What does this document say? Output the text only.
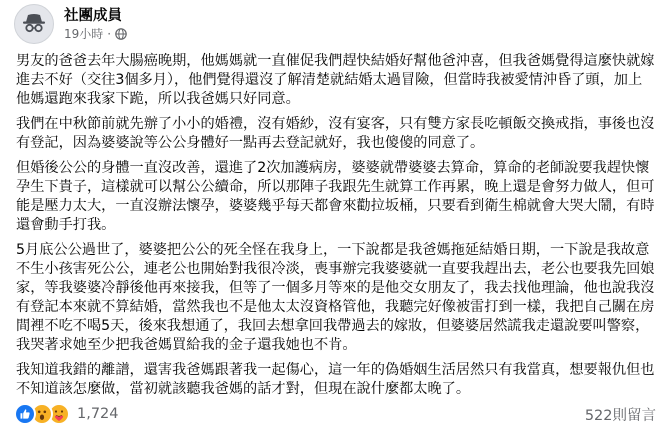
社團成員
19小時 ·

男友的爸爸去年大腸癌晚期，他媽媽就一直催促我們趕快結婚好幫他爸沖喜，但我爸媽覺得這麼快就嫁進去不好（交往3個多月），他們覺得還沒了解清楚就結婚太過冒險，但當時我被愛情沖昏了頭，加上他媽還跑來我家下跪，所以我爸媽只好同意。

我們在中秋節前就先辦了小小的婚禮，沒有婚紗，沒有宴客，只有雙方家長吃頓飯交換戒指，事後也沒有登記，因為婆婆說等公公身體好一點再去登記就好，我也傻傻的同意了。

但婚後公公的身體一直沒改善，還進了2次加護病房，婆婆就帶婆婆去算命，算命的老師說要我趕快懷孕生下貴子，這樣就可以幫公公續命，所以那陣子我跟先生就算工作再累，晚上還是會努力做人，但可能是壓力太大，一直沒辦法懷孕，婆婆幾乎每天都會來勸拉坂桶，只要看到衛生棉就會大哭大鬧，有時還會動手打我。

5月底公公過世了，婆婆把公公的死全怪在我身上，一下說都是我爸媽拖延結婚日期，一下說是我故意不生小孩害死公公，連老公也開始對我很冷淡，喪事辦完我婆婆就一直要我趕出去，老公也要我先回娘家，等我婆婆冷靜後他再來接我，但等了一個多月等來的是他交女朋友了，我去找他理論，他也說我沒有登記本來就不算結婚，當然我也不是他太太沒資格管他，我聽完好像被雷打到一樣，我把自己關在房間裡不吃不喝5天，後來我想通了，我回去想拿回我帶過去的嫁妝，但婆婆居然謊我走還說要叫警察，我哭著求她至少把我爸媽買給我的金子還我她也不肯。

我知道我錯的離譜，還害我爸媽跟著我一起傷心，這一年的偽婚姻生活居然只有我當真，想要報仇但也不知道該怎麼做，當初就該聽我爸媽的話才對，但現在說什麼都太晚了。

1,724	522則留言
